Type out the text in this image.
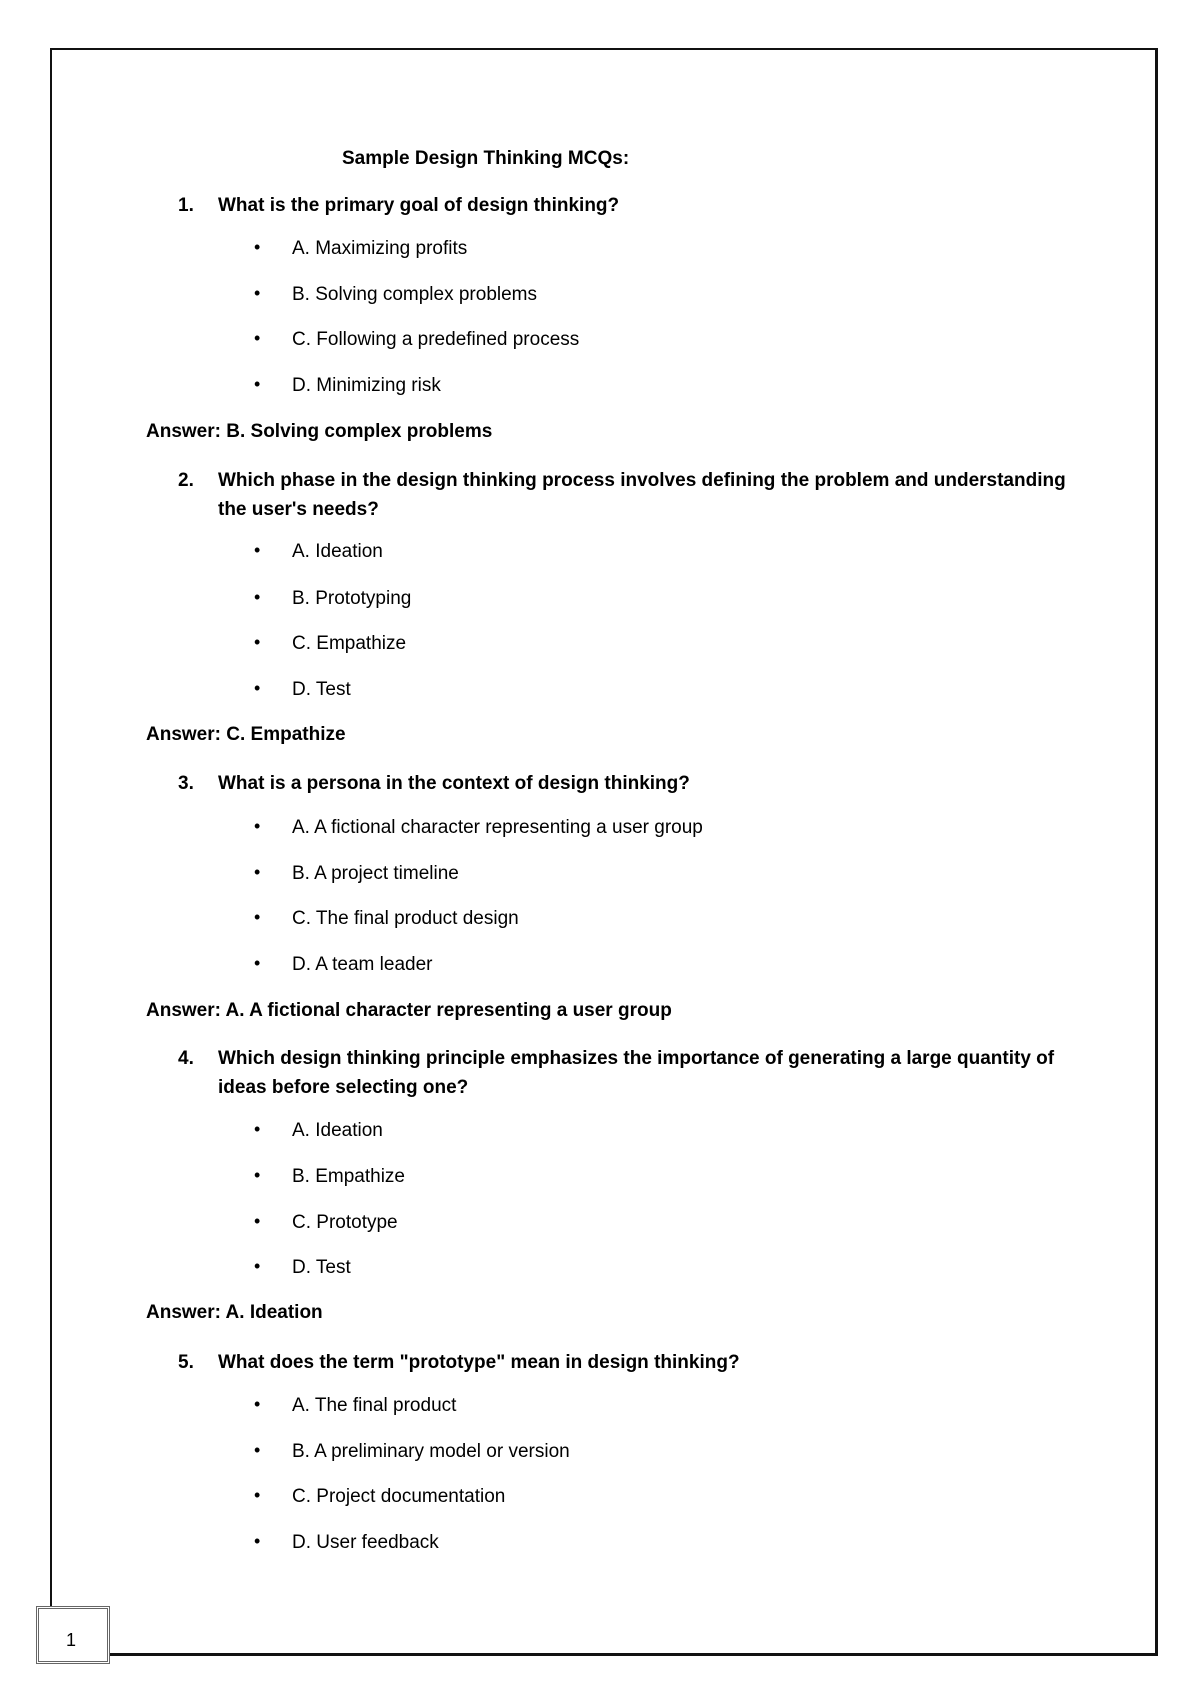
Sample Design Thinking MCQs:
1. What is the primary goal of design thinking?
• A. Maximizing profits
• B. Solving complex problems
• C. Following a predefined process
• D. Minimizing risk
Answer: B. Solving complex problems
2. Which phase in the design thinking process involves defining the problem and understanding the user's needs?
• A. Ideation
• B. Prototyping
• C. Empathize
• D. Test
Answer: C. Empathize
3. What is a persona in the context of design thinking?
• A. A fictional character representing a user group
• B. A project timeline
• C. The final product design
• D. A team leader
Answer: A. A fictional character representing a user group
4. Which design thinking principle emphasizes the importance of generating a large quantity of ideas before selecting one?
• A. Ideation
• B. Empathize
• C. Prototype
• D. Test
Answer: A. Ideation
5. What does the term "prototype" mean in design thinking?
• A. The final product
• B. A preliminary model or version
• C. Project documentation
• D. User feedback
1
